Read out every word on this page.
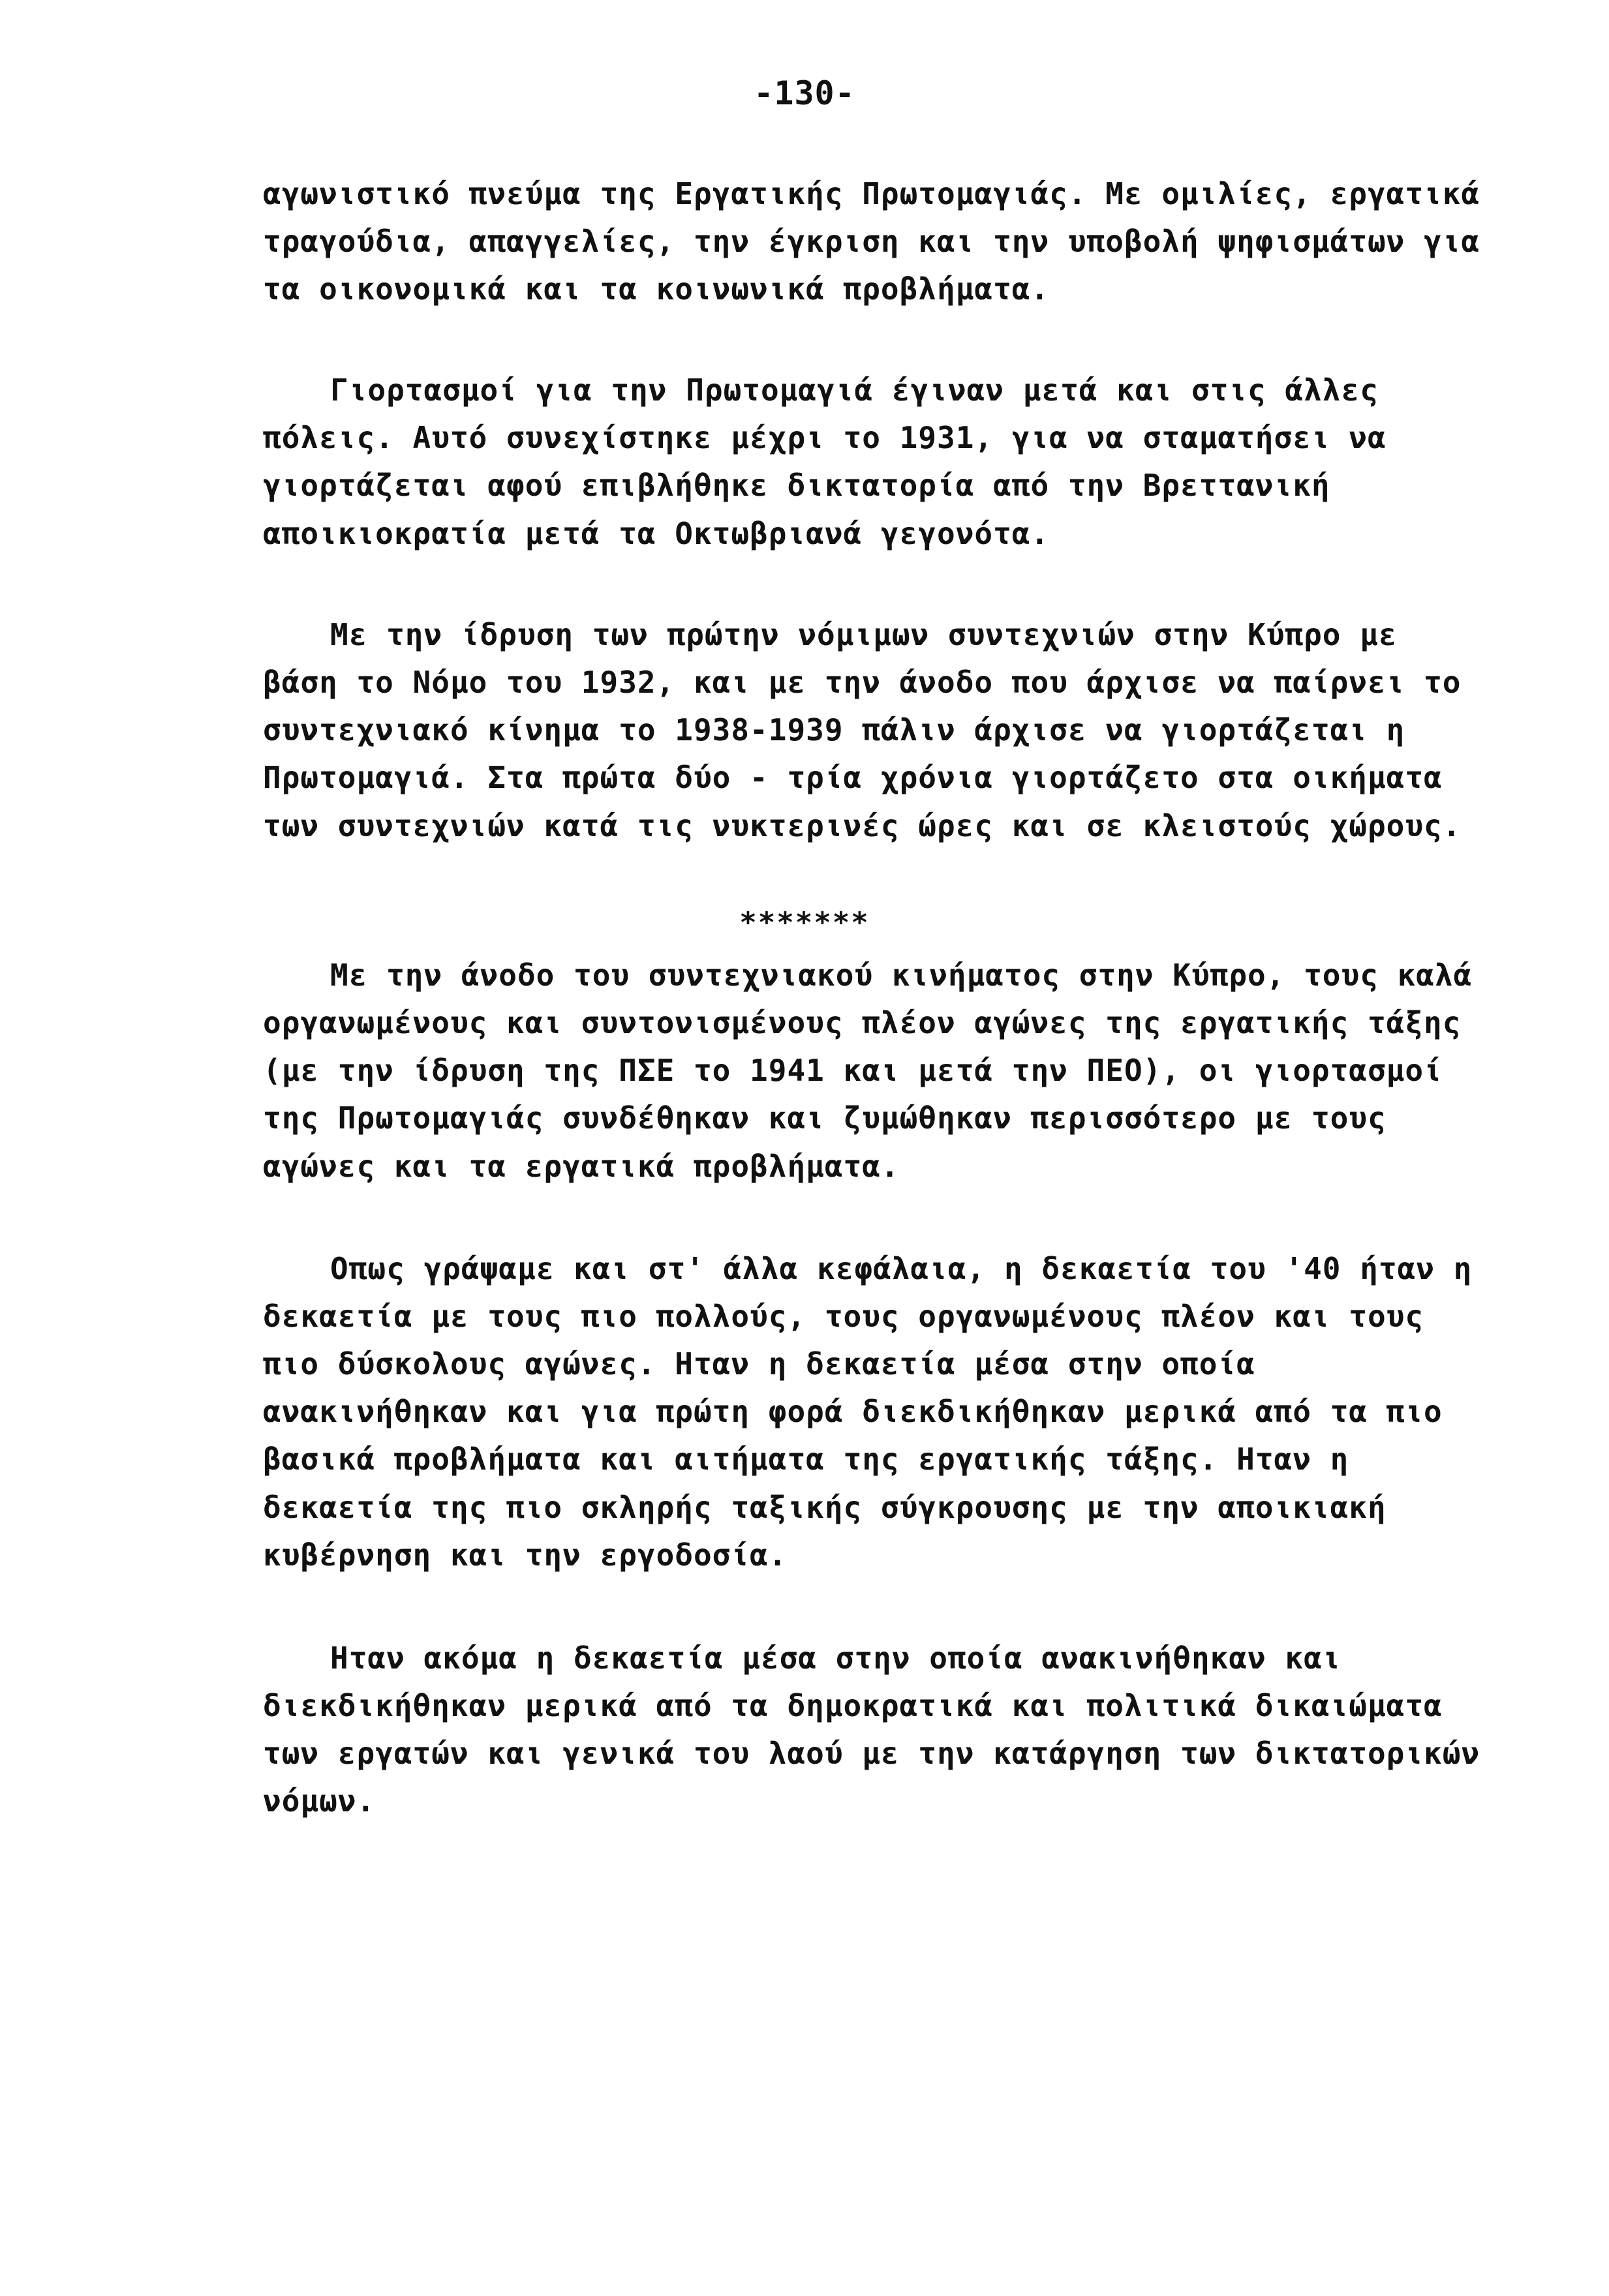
-130-
αγωνιστικό πνεύμα της Εργατικής Πρωτομαγιάς. Με ομιλίες, εργατικά
τραγούδια, απαγγελίες, την έγκριση και την υποβολή ψηφισμάτων για
τα οικονομικά και τα κοινωνικά προβλήματα.
Γιορτασμοί για την Πρωτομαγιά έγιναν μετά και στις άλλες
πόλεις. Αυτό συνεχίστηκε μέχρι το 1931, για να σταματήσει να
γιορτάζεται αφού επιβλήθηκε δικτατορία από την Βρεττανική
αποικιοκρατία μετά τα Οκτωβριανά γεγονότα.
Με την ίδρυση των πρώτην νόμιμων συντεχνιών στην Κύπρο με
βάση το Νόμο του 1932, και με την άνοδο που άρχισε να παίρνει το
συντεχνιακό κίνημα το 1938-1939 πάλιν άρχισε να γιορτάζεται η
Πρωτομαγιά. Στα πρώτα δύο - τρία χρόνια γιορτάζετο στα οικήματα
των συντεχνιών κατά τις νυκτερινές ώρες και σε κλειστούς χώρους.
*******
Με την άνοδο του συντεχνιακού κινήματος στην Κύπρο, τους καλά
οργανωμένους και συντονισμένους πλέον αγώνες της εργατικής τάξης
(με την ίδρυση της ΠΣΕ το 1941 και μετά την ΠΕΟ), οι γιορτασμοί
της Πρωτομαγιάς συνδέθηκαν και ζυμώθηκαν περισσότερο με τους
αγώνες και τα εργατικά προβλήματα.
Οπως γράψαμε και στ' άλλα κεφάλαια, η δεκαετία του '40 ήταν η
δεκαετία με τους πιο πολλούς, τους οργανωμένους πλέον και τους
πιο δύσκολους αγώνες. Ηταν η δεκαετία μέσα στην οποία
ανακινήθηκαν και για πρώτη φορά διεκδικήθηκαν μερικά από τα πιο
βασικά προβλήματα και αιτήματα της εργατικής τάξης. Ηταν η
δεκαετία της πιο σκληρής ταξικής σύγκρουσης με την αποικιακή
κυβέρνηση και την εργοδοσία.
Ηταν ακόμα η δεκαετία μέσα στην οποία ανακινήθηκαν και
διεκδικήθηκαν μερικά από τα δημοκρατικά και πολιτικά δικαιώματα
των εργατών και γενικά του λαού με την κατάργηση των δικτατορικών
νόμων.
